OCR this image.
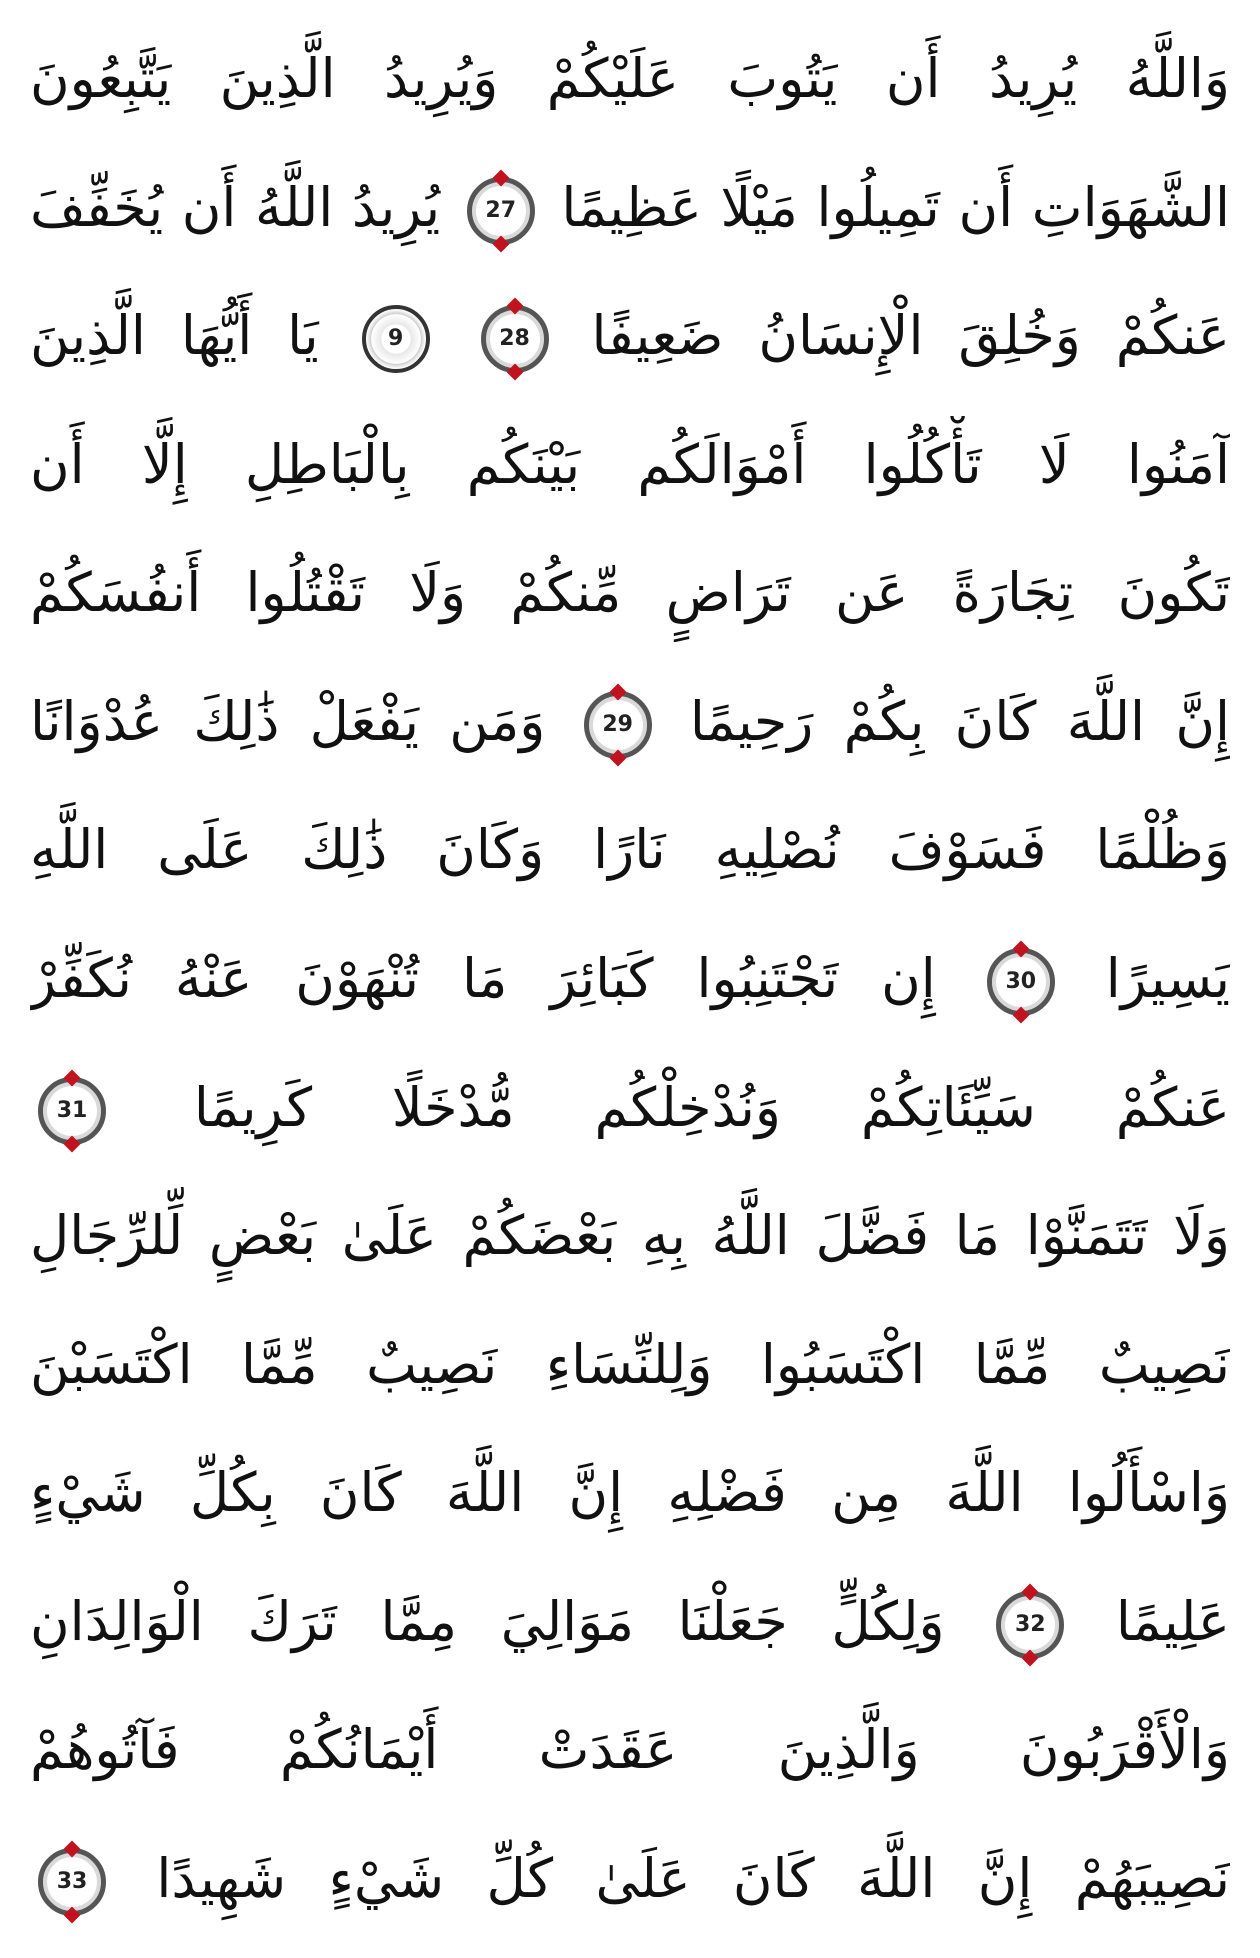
وَاللَّهُ يُرِيدُ أَن يَتُوبَ عَلَيْكُمْ وَيُرِيدُ الَّذِينَ يَتَّبِعُونَ
الشَّهَوَاتِ أَن تَمِيلُوا مَيْلًا عَظِيمًا
27
يُرِيدُ اللَّهُ أَن يُخَفِّفَ
عَنكُمْ وَخُلِقَ الْإِنسَانُ ضَعِيفًا
28

9
يَا أَيُّهَا الَّذِينَ
آمَنُوا لَا تَأْكُلُوا أَمْوَالَكُم بَيْنَكُم بِالْبَاطِلِ إِلَّا أَن
تَكُونَ تِجَارَةً عَن تَرَاضٍ مِّنكُمْ وَلَا تَقْتُلُوا أَنفُسَكُمْ
إِنَّ اللَّهَ كَانَ بِكُمْ رَحِيمًا
29
وَمَن يَفْعَلْ ذَٰلِكَ عُدْوَانًا
وَظُلْمًا فَسَوْفَ نُصْلِيهِ نَارًا وَكَانَ ذَٰلِكَ عَلَى اللَّهِ
يَسِيرًا
30
إِن تَجْتَنِبُوا كَبَائِرَ مَا تُنْهَوْنَ عَنْهُ نُكَفِّرْ
عَنكُمْ سَيِّئَاتِكُمْ وَنُدْخِلْكُم مُّدْخَلًا كَرِيمًا
31
وَلَا تَتَمَنَّوْا مَا فَضَّلَ اللَّهُ بِهِ بَعْضَكُمْ عَلَىٰ بَعْضٍ لِّلرِّجَالِ
نَصِيبٌ مِّمَّا اكْتَسَبُوا وَلِلنِّسَاءِ نَصِيبٌ مِّمَّا اكْتَسَبْنَ
وَاسْأَلُوا اللَّهَ مِن فَضْلِهِ إِنَّ اللَّهَ كَانَ بِكُلِّ شَيْءٍ
عَلِيمًا
32
وَلِكُلٍّ جَعَلْنَا مَوَالِيَ مِمَّا تَرَكَ الْوَالِدَانِ
وَالْأَقْرَبُونَ وَالَّذِينَ عَقَدَتْ أَيْمَانُكُمْ فَآتُوهُمْ
نَصِيبَهُمْ إِنَّ اللَّهَ كَانَ عَلَىٰ كُلِّ شَيْءٍ شَهِيدًا
33
